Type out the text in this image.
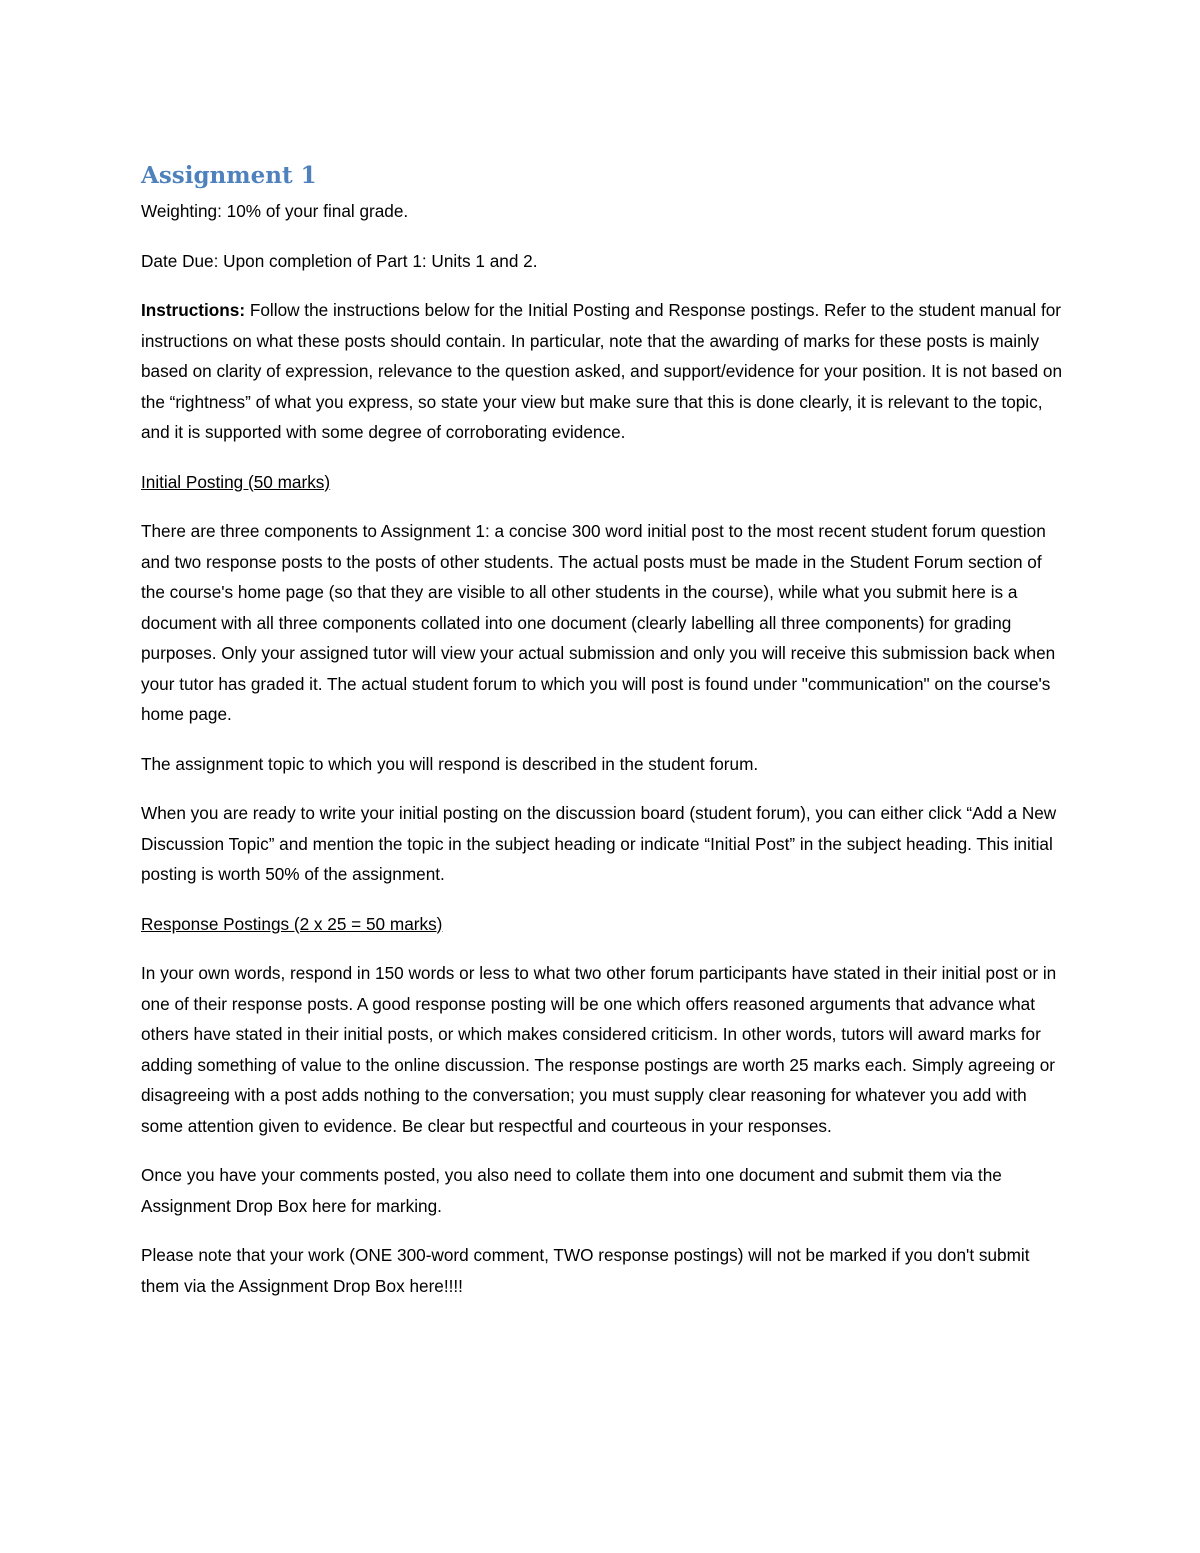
Assignment 1

Weighting: 10% of your final grade.

Date Due: Upon completion of Part 1: Units 1 and 2.

Instructions: Follow the instructions below for the Initial Posting and Response postings. Refer to the student manual for instructions on what these posts should contain. In particular, note that the awarding of marks for these posts is mainly based on clarity of expression, relevance to the question asked, and support/evidence for your position. It is not based on the “rightness” of what you express, so state your view but make sure that this is done clearly, it is relevant to the topic, and it is supported with some degree of corroborating evidence.

Initial Posting (50 marks)

There are three components to Assignment 1: a concise 300 word initial post to the most recent student forum question and two response posts to the posts of other students. The actual posts must be made in the Student Forum section of the course's home page (so that they are visible to all other students in the course), while what you submit here is a document with all three components collated into one document (clearly labelling all three components) for grading purposes. Only your assigned tutor will view your actual submission and only you will receive this submission back when your tutor has graded it. The actual student forum to which you will post is found under "communication" on the course's home page.

The assignment topic to which you will respond is described in the student forum.

When you are ready to write your initial posting on the discussion board (student forum), you can either click “Add a New Discussion Topic” and mention the topic in the subject heading or indicate “Initial Post” in the subject heading. This initial posting is worth 50% of the assignment.

Response Postings (2 x 25 = 50 marks)

In your own words, respond in 150 words or less to what two other forum participants have stated in their initial post or in one of their response posts. A good response posting will be one which offers reasoned arguments that advance what others have stated in their initial posts, or which makes considered criticism. In other words, tutors will award marks for adding something of value to the online discussion. The response postings are worth 25 marks each. Simply agreeing or disagreeing with a post adds nothing to the conversation; you must supply clear reasoning for whatever you add with some attention given to evidence. Be clear but respectful and courteous in your responses.

Once you have your comments posted, you also need to collate them into one document and submit them via the Assignment Drop Box here for marking.

Please note that your work (ONE 300-word comment, TWO response postings) will not be marked if you don't submit them via the Assignment Drop Box here!!!!
